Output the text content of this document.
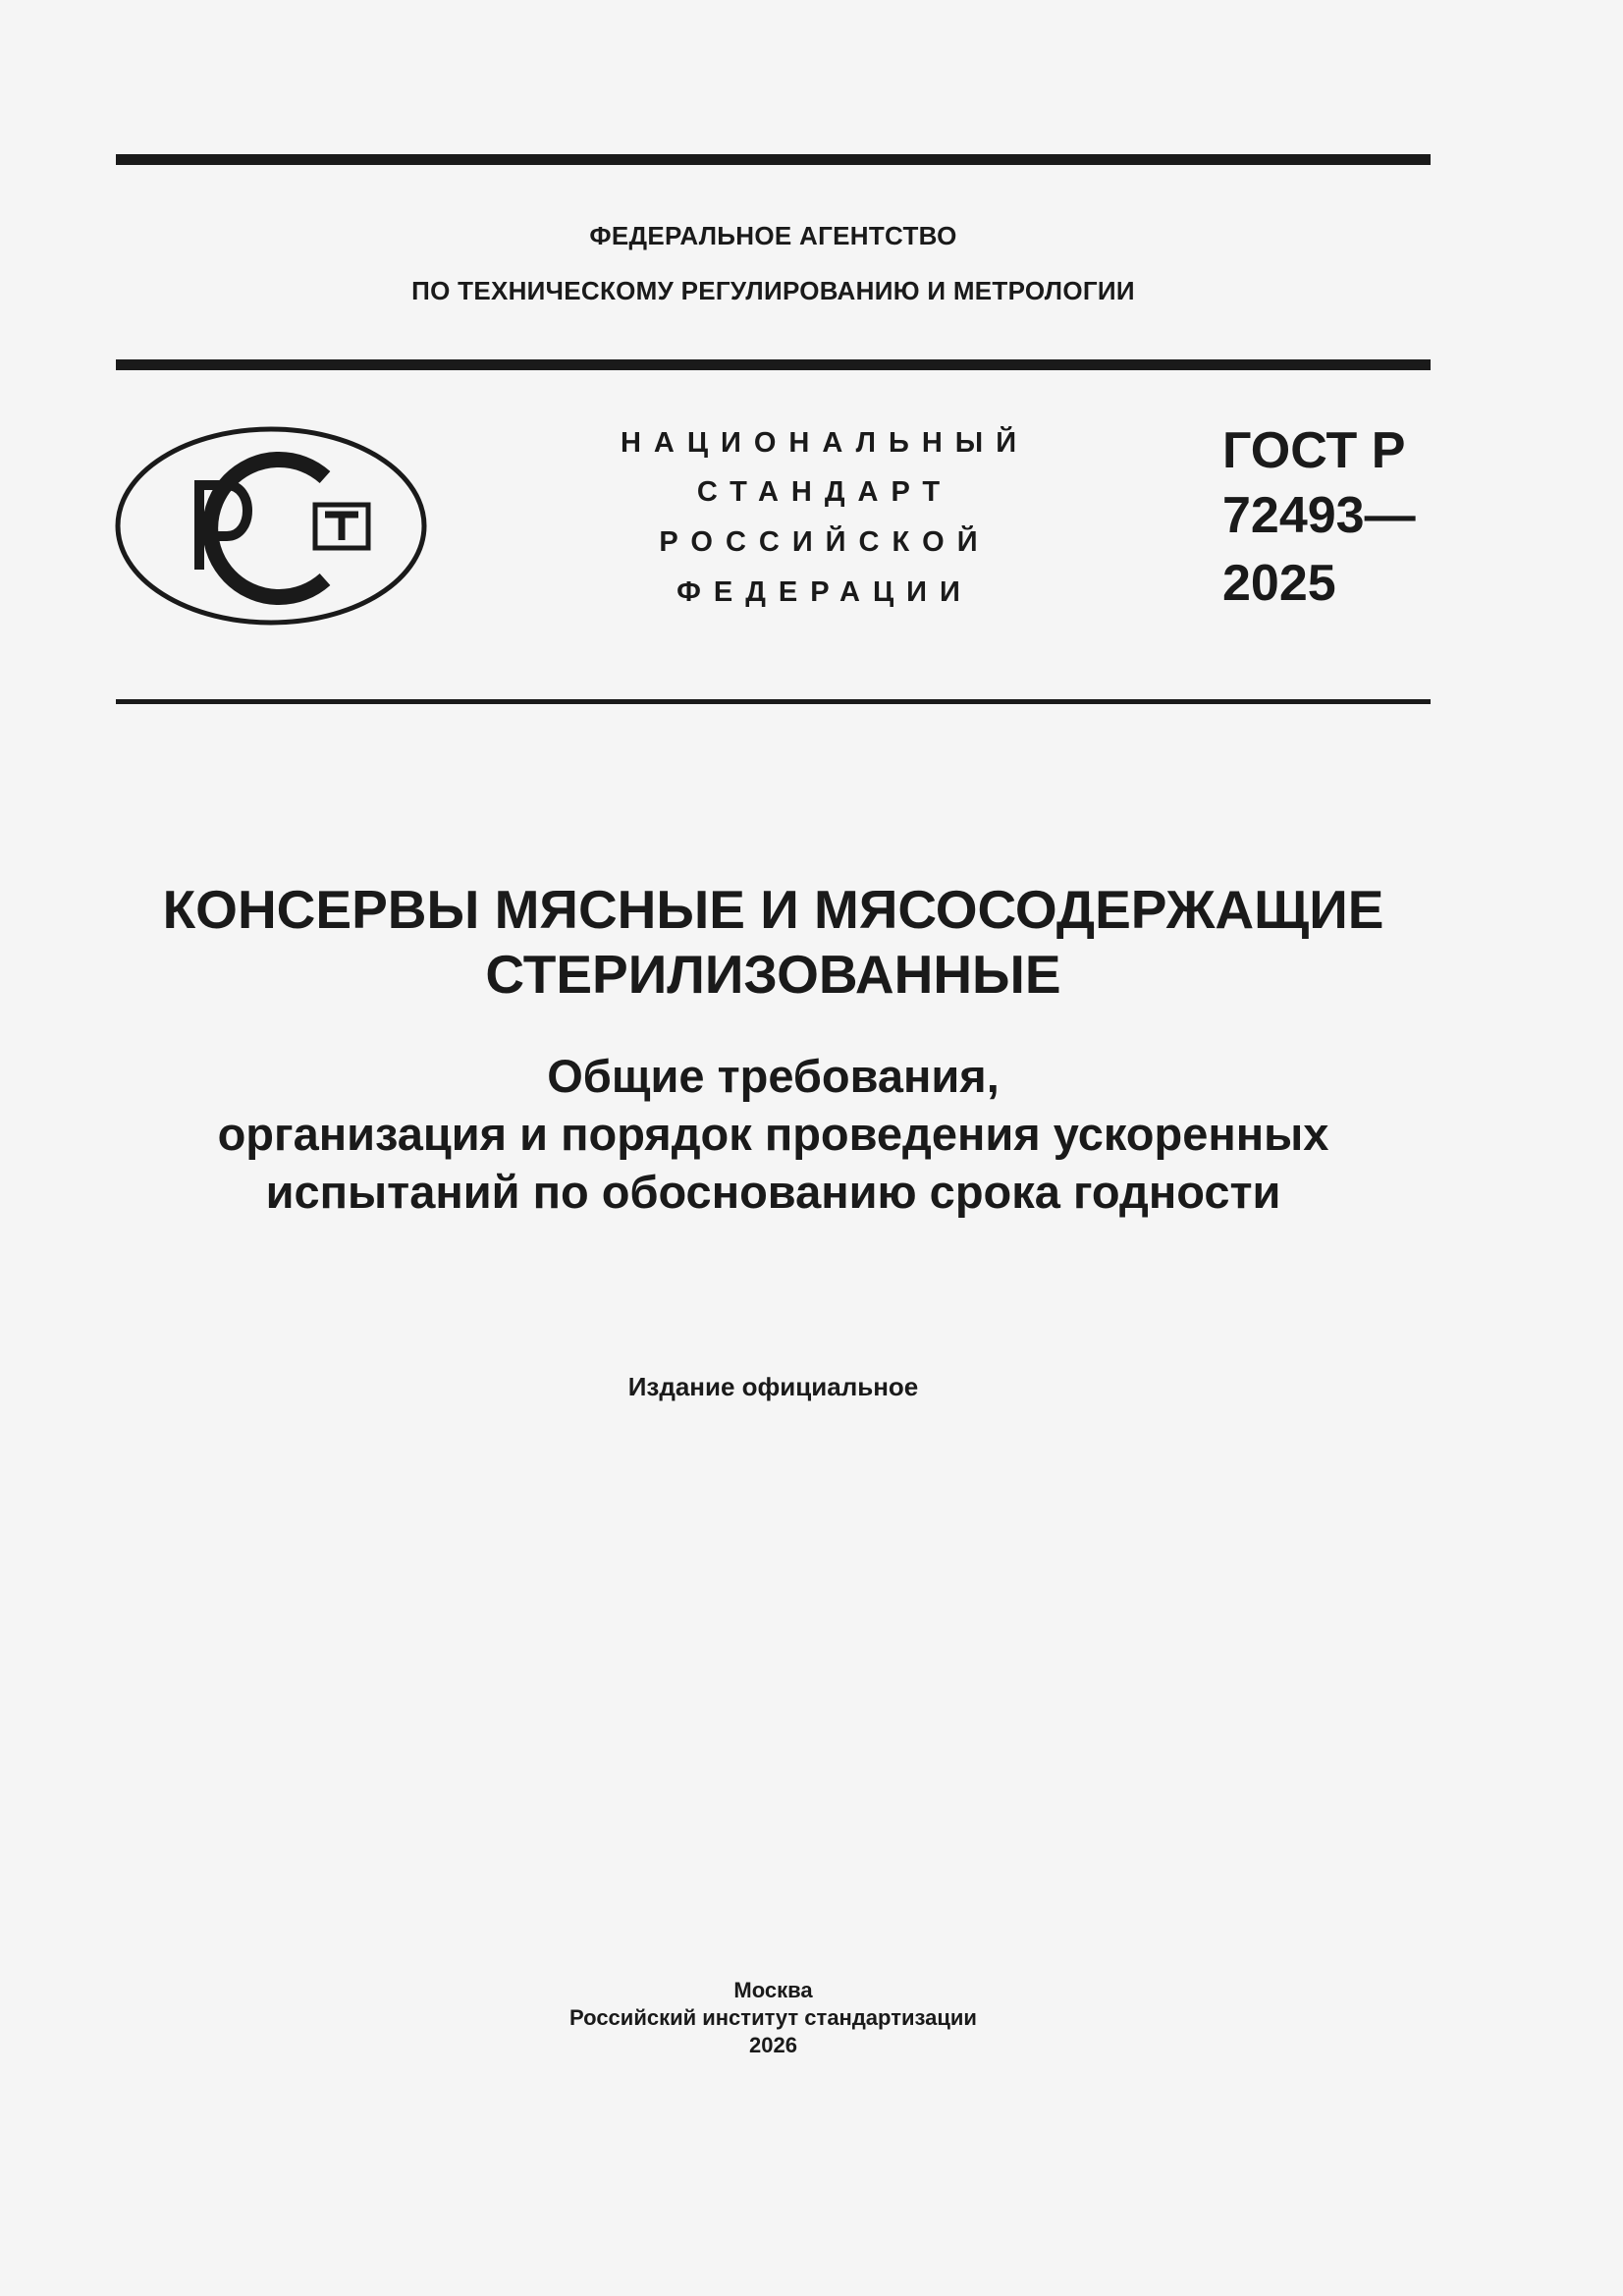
ФЕДЕРАЛЬНОЕ АГЕНТСТВО
ПО ТЕХНИЧЕСКОМУ РЕГУЛИРОВАНИЮ И МЕТРОЛОГИИ
НАЦИОНАЛЬНЫЙ
СТАНДАРТ
РОССИЙСКОЙ
ФЕДЕРАЦИИ
ГОСТ Р
72493—
2025
КОНСЕРВЫ МЯСНЫЕ И МЯСОСОДЕРЖАЩИЕ
СТЕРИЛИЗОВАННЫЕ
Общие требования,
организация и порядок проведения ускоренных
испытаний по обоснованию срока годности
Издание официальное
Москва
Российский институт стандартизации
2026
